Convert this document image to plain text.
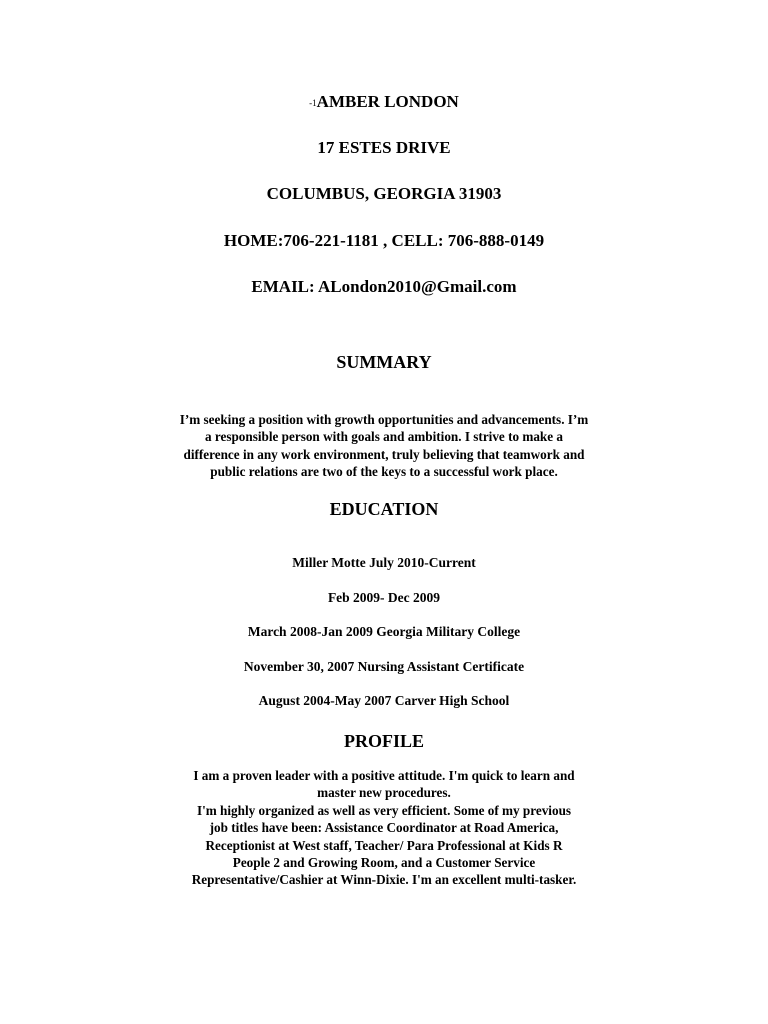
-1AMBER LONDON
17 ESTES DRIVE
COLUMBUS, GEORGIA 31903
HOME:706-221-1181 , CELL: 706-888-0149
EMAIL: ALondon2010@Gmail.com
SUMMARY
I’m seeking a position with growth opportunities and advancements. I’m
a responsible person with goals and ambition. I strive to make a
difference in any work environment, truly believing that teamwork and
public relations are two of the keys to a successful work place.
EDUCATION
Miller Motte July 2010-Current
Feb 2009- Dec 2009
March 2008-Jan 2009 Georgia Military College
November 30, 2007 Nursing Assistant Certificate
August 2004-May 2007 Carver High School
PROFILE
I am a proven leader with a positive attitude. I'm quick to learn and
master new procedures.
I'm highly organized as well as very efficient. Some of my previous
job titles have been: Assistance Coordinator at Road America,
Receptionist at West staff, Teacher/ Para Professional at Kids R
People 2 and Growing Room, and a Customer Service
Representative/Cashier at Winn-Dixie. I'm an excellent multi-tasker.
